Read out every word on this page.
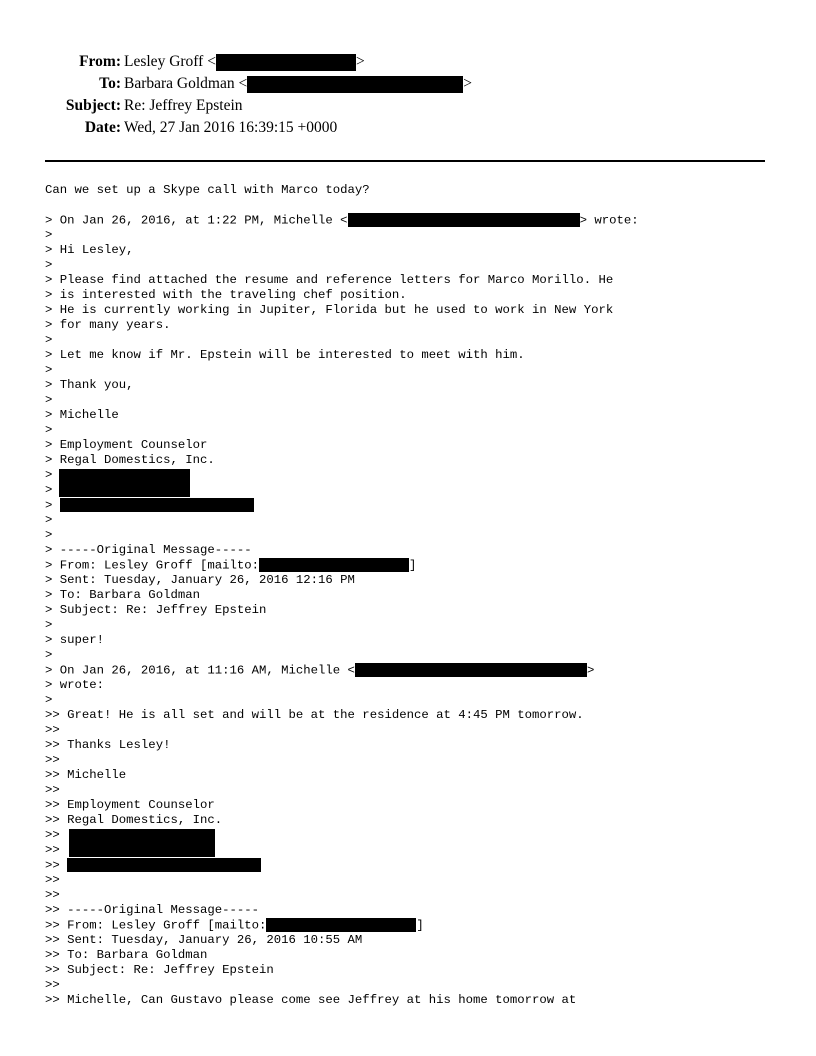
From: Lesley Groff <	>
To: Barbara Goldman <	>
Subject: Re: Jeffrey Epstein
Date: Wed, 27 Jan 2016 16:39:15 +0000
Can we set up a Skype call with Marco today?
> On Jan 26, 2016, at 1:22 PM, Michelle <	> wrote:
>
> Hi Lesley,
>
> Please find attached the resume and reference letters for Marco Morillo. He
> is interested with the traveling chef position.
> He is currently working in Jupiter, Florida but he used to work in New York
> for many years.
>
> Let me know if Mr. Epstein will be interested to meet with him.
>
> Thank you,
>
> Michelle
>
> Employment Counselor
> Regal Domestics, Inc.
>
>
>
>
>
> -----Original Message-----
> From: Lesley Groff [mailto:	]
> Sent: Tuesday, January 26, 2016 12:16 PM
> To: Barbara Goldman
> Subject: Re: Jeffrey Epstein
>
> super!
>
> On Jan 26, 2016, at 11:16 AM, Michelle <	>
> wrote:
>
>> Great! He is all set and will be at the residence at 4:45 PM tomorrow.
>>
>> Thanks Lesley!
>>
>> Michelle
>>
>> Employment Counselor
>> Regal Domestics, Inc.
>>
>>
>>
>>
>>
>> -----Original Message-----
>> From: Lesley Groff [mailto:	]
>> Sent: Tuesday, January 26, 2016 10:55 AM
>> To: Barbara Goldman
>> Subject: Re: Jeffrey Epstein
>>
>> Michelle, Can Gustavo please come see Jeffrey at his home tomorrow at
